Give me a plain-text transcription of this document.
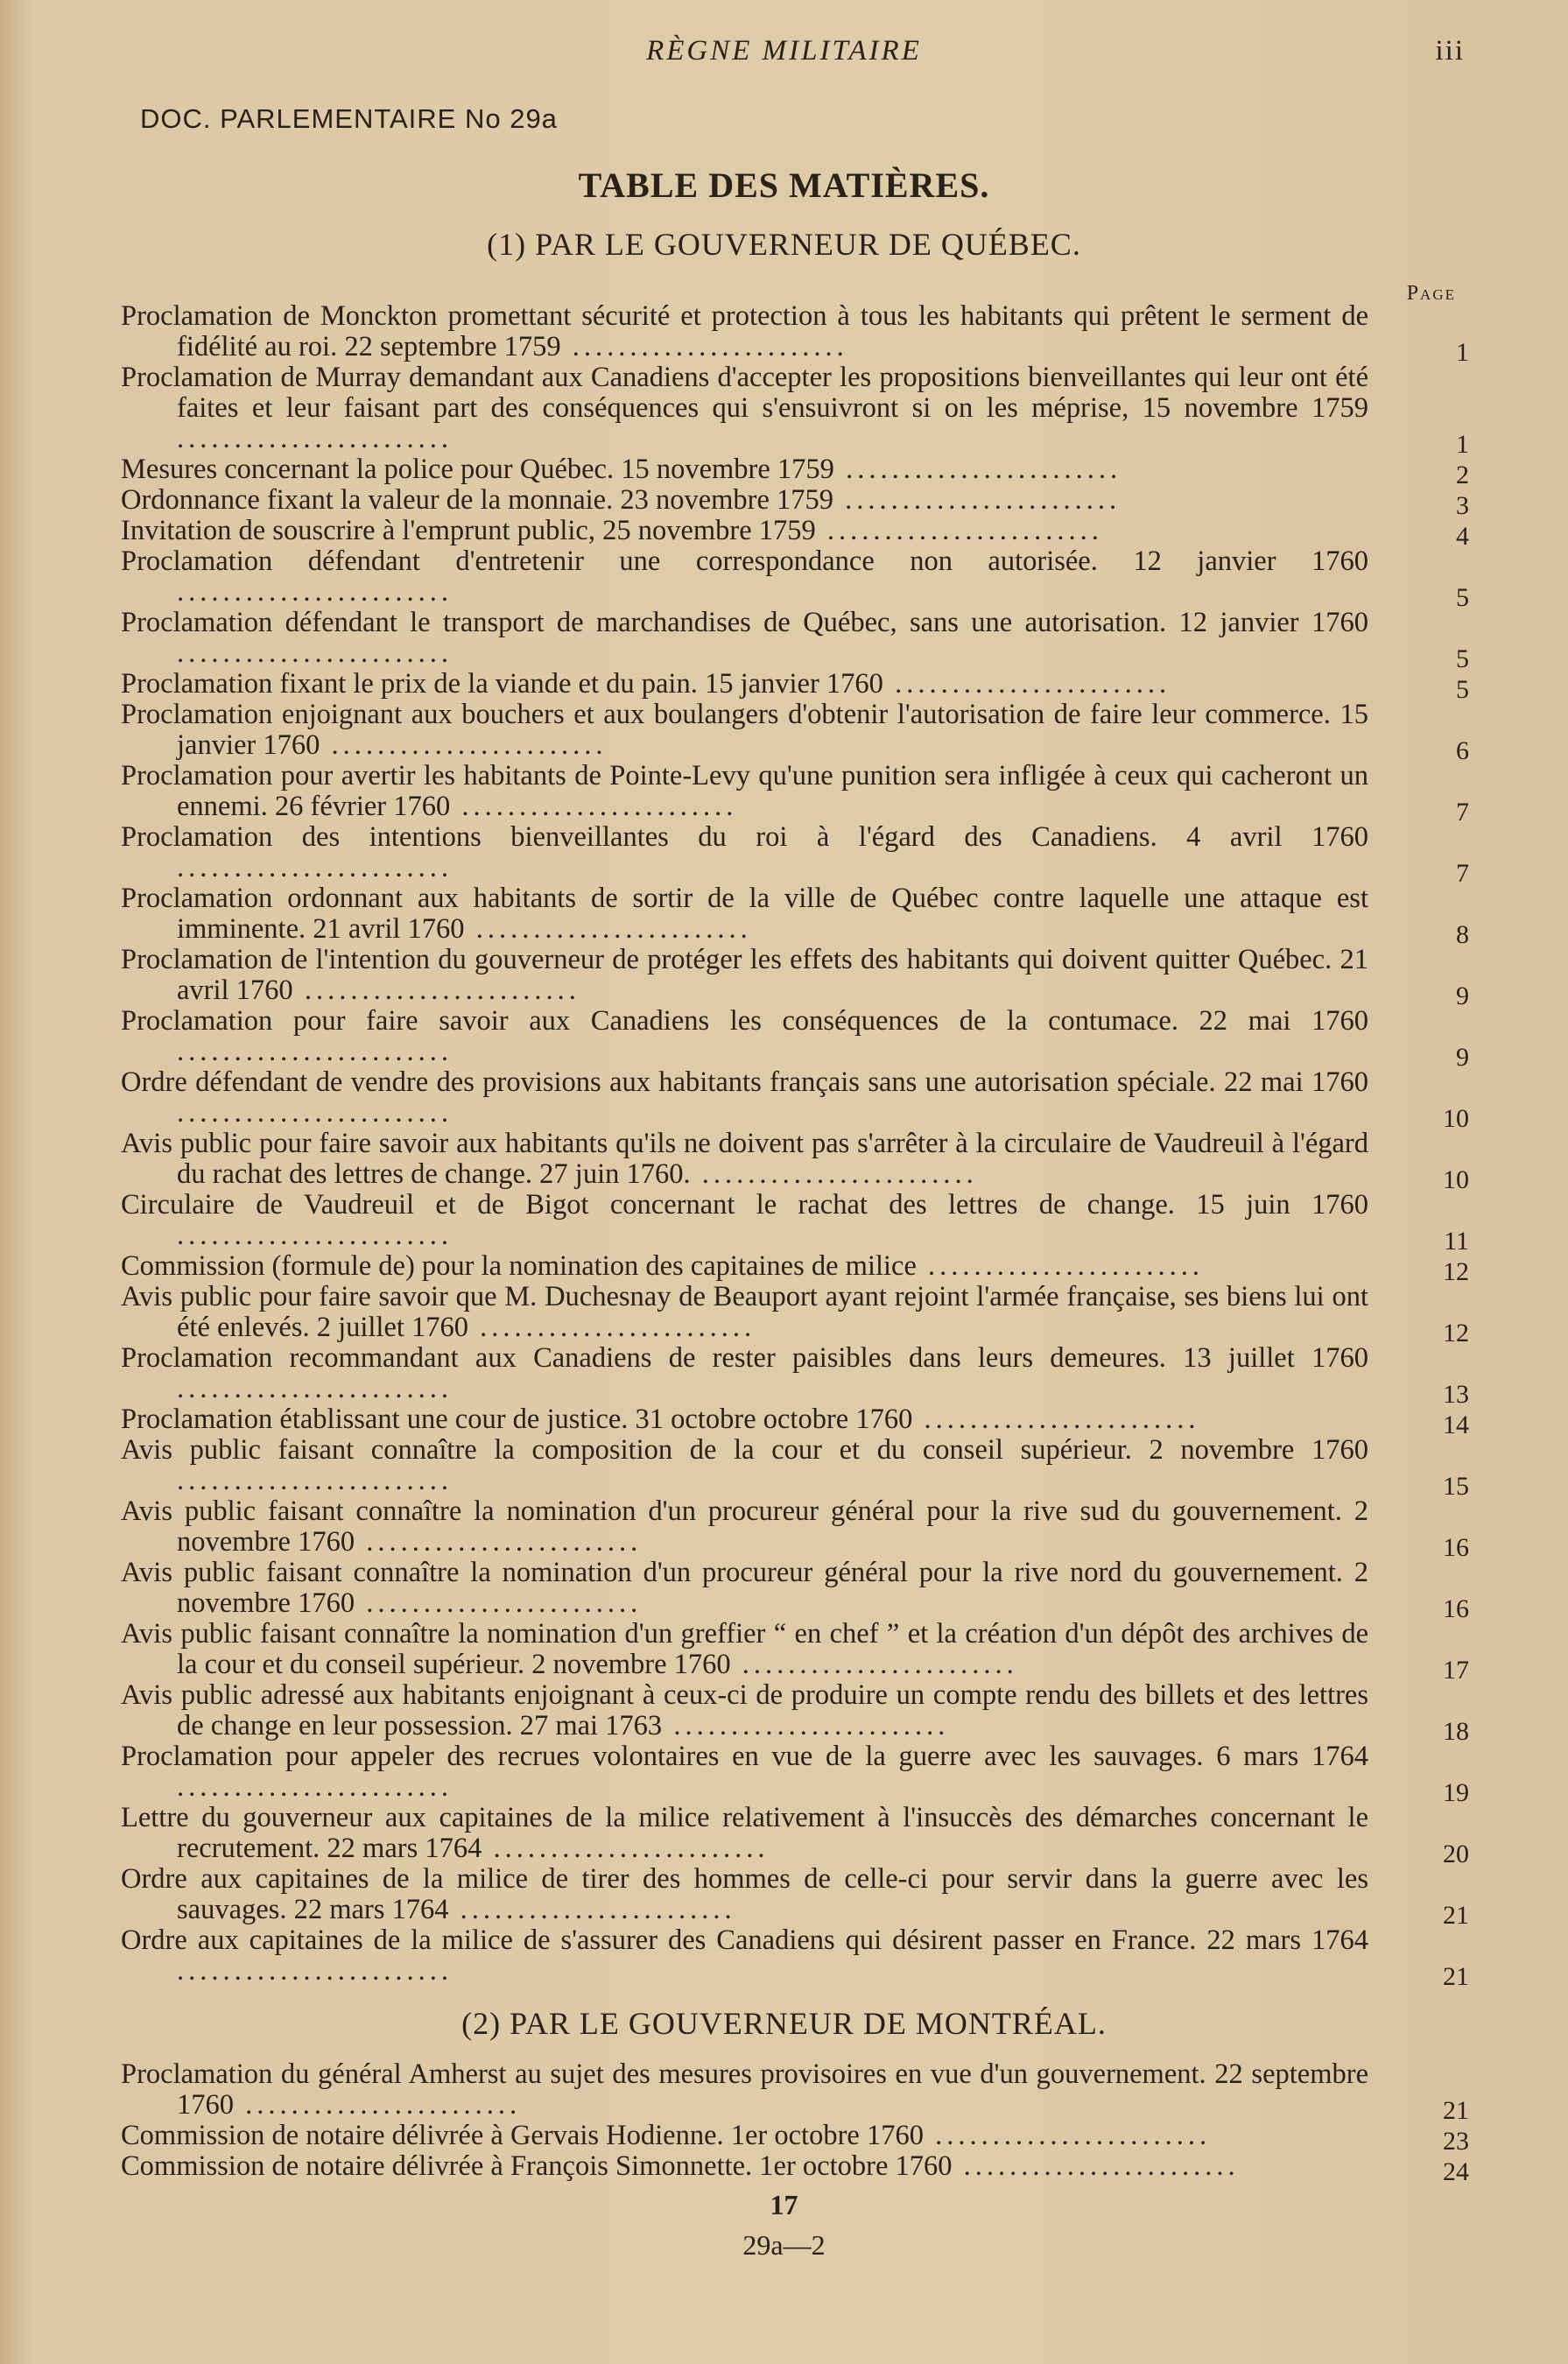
RÈGNE MILITAIRE	iii
DOC. PARLEMENTAIRE No 29a
TABLE DES MATIÈRES.
(1) PAR LE GOUVERNEUR DE QUÉBEC.
Page
Proclamation de Monckton promettant sécurité et protection à tous les habitants qui prêtent le serment de fidélité au roi. 22 septembre 1759 ........................	1
Proclamation de Murray demandant aux Canadiens d'accepter les propositions bienveillantes qui leur ont été faites et leur faisant part des conséquences qui s'ensuivront si on les méprise, 15 novembre 1759 ........................	1
Mesures concernant la police pour Québec. 15 novembre 1759 ........................	2
Ordonnance fixant la valeur de la monnaie. 23 novembre 1759 ........................	3
Invitation de souscrire à l'emprunt public, 25 novembre 1759 ........................	4
Proclamation défendant d'entretenir une correspondance non autorisée. 12 janvier 1760 ........................	5
Proclamation défendant le transport de marchandises de Québec, sans une autorisation. 12 janvier 1760 ........................	5
Proclamation fixant le prix de la viande et du pain. 15 janvier 1760 ........................	5
Proclamation enjoignant aux bouchers et aux boulangers d'obtenir l'autorisation de faire leur commerce. 15 janvier 1760 ........................	6
Proclamation pour avertir les habitants de Pointe-Levy qu'une punition sera infligée à ceux qui cacheront un ennemi. 26 février 1760 ........................	7
Proclamation des intentions bienveillantes du roi à l'égard des Canadiens. 4 avril 1760 ........................	7
Proclamation ordonnant aux habitants de sortir de la ville de Québec contre laquelle une attaque est imminente. 21 avril 1760 ........................	8
Proclamation de l'intention du gouverneur de protéger les effets des habitants qui doivent quitter Québec. 21 avril 1760 ........................	9
Proclamation pour faire savoir aux Canadiens les conséquences de la contumace. 22 mai 1760 ........................	9
Ordre défendant de vendre des provisions aux habitants français sans une autorisation spéciale. 22 mai 1760 ........................	10
Avis public pour faire savoir aux habitants qu'ils ne doivent pas s'arrêter à la circulaire de Vaudreuil à l'égard du rachat des lettres de change. 27 juin 1760. ........................	10
Circulaire de Vaudreuil et de Bigot concernant le rachat des lettres de change. 15 juin 1760 ........................	11
Commission (formule de) pour la nomination des capitaines de milice ........................	12
Avis public pour faire savoir que M. Duchesnay de Beauport ayant rejoint l'armée française, ses biens lui ont été enlevés. 2 juillet 1760 ........................	12
Proclamation recommandant aux Canadiens de rester paisibles dans leurs demeures. 13 juillet 1760 ........................	13
Proclamation établissant une cour de justice. 31 octobre octobre 1760 ........................	14
Avis public faisant connaître la composition de la cour et du conseil supérieur. 2 novembre 1760 ........................	15
Avis public faisant connaître la nomination d'un procureur général pour la rive sud du gouvernement. 2 novembre 1760 ........................	16
Avis public faisant connaître la nomination d'un procureur général pour la rive nord du gouvernement. 2 novembre 1760 ........................	16
Avis public faisant connaître la nomination d'un greffier “ en chef ” et la création d'un dépôt des archives de la cour et du conseil supérieur. 2 novembre 1760 ........................	17
Avis public adressé aux habitants enjoignant à ceux-ci de produire un compte rendu des billets et des lettres de change en leur possession. 27 mai 1763 ........................	18
Proclamation pour appeler des recrues volontaires en vue de la guerre avec les sauvages. 6 mars 1764 ........................	19
Lettre du gouverneur aux capitaines de la milice relativement à l'insuccès des démarches concernant le recrutement. 22 mars 1764 ........................	20
Ordre aux capitaines de la milice de tirer des hommes de celle-ci pour servir dans la guerre avec les sauvages. 22 mars 1764 ........................	21
Ordre aux capitaines de la milice de s'assurer des Canadiens qui désirent passer en France. 22 mars 1764 ........................	21
(2) PAR LE GOUVERNEUR DE MONTRÉAL.
Proclamation du général Amherst au sujet des mesures provisoires en vue d'un gouvernement. 22 septembre 1760 ........................	21
Commission de notaire délivrée à Gervais Hodienne. 1er octobre 1760 ........................	23
Commission de notaire délivrée à François Simonnette. 1er octobre 1760 ........................	24
17
29a—2
